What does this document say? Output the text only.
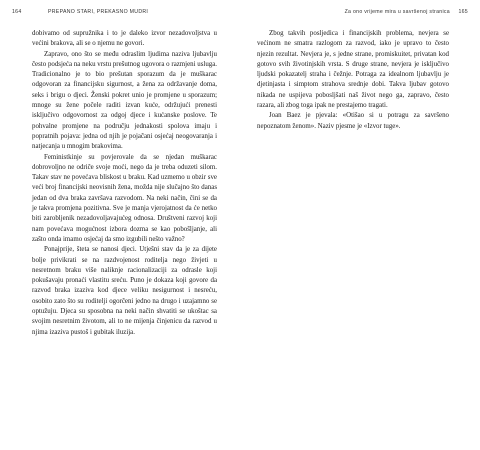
164	PREPANO STARI, PREKASNO MUDRI

dobivamo od supružnika i to je daleko izvor nezadovoljstva u većini brakova, ali se o njemu ne govori.

Zapravo, ono što se među odraslim ljudima naziva ljubavlju često podsjeća na neku vrstu prešutnog ugovora o razmjeni usluga. Tradicionalno je to bio prešutan sporazum da je muškarac odgovoran za financijsku sigurnost, a žena za održavanje doma, seks i brigu o djeci. Ženski pokret unio je promjene u sporazum; mnoge su žene počele raditi izvan kuće, održujući prenesti isključivo odgovornost za odgoj djece i kućanske poslove. Te pohvalne promjene na području jednakosti spolova imaju i popratnih pojava: jedna od njih je pojačani osjećaj neogovaranja i natjecanja u mnogim brakovima.

Feministkinje su povjerovale da se njedan muškarac dobrovoljno ne odriče svoje moći, nego da je treba oduzeti silom. Takav stav ne povećava bliskost u braku. Kad uzmemo u obzir sve veći broj financijski neovisnih žena, možda nije slučajno što danas jedan od dva braka završava razvodom. Na neki način, čini se da je takva promjena pozitivna. Sve je manja vjerojatnost da će netko biti zarobljenik nezadovoljavajućeg odnosa. Društveni razvoj koji nam povećava mogućnost izbora dozma se kao pobošljanje, ali zašto onda imamo osjećaj da smo izgubili nešto važno?

Ponajprije, šteta se nanosi djeci. Utješni stav da je za dijete bolje privikrati se na razdvojenost roditelja nego živjeti u nesretnom braku više naliknje racionalizaciji za odrasle koji pokušavaju pronaći vlastitu sreću. Puno je dokaza koji govore da razvod braka izaziva kod djece veliku nesigurnost i nesreću, osobito zato što su roditelji ogorčeni jedno na drugo i uzajamno se optužuju. Djeca su sposobna na neki način shvatiti se ukoštac sa svojim nesretnim životom, ali to ne mijenja činjenicu da razvod u njima izaziva pustoš i gubitak iluzija.

Za ono vrijeme mira u savršenoj stranica 165

Zbog takvih posljedica i financijskih problema, nevjera se većinom ne smatra razlogom za razvod, iako je upravo to često njezin rezultat. Nevjera je, s jedne strane, promiskuitet, privatan kod gotovo svih životinjskih vrsta. S druge strane, nevjera je isključivo ljudski pokazatelj straha i čežnje. Potraga za idealnom ljubavlju je djetinjasta i simptom strahova srednje dobi. Takva ljubav gotovo nikada ne uspijeva pobosljšati naš život nego ga, zapravo, često razara, ali zbog toga ipak ne prestajemo tragati.

Joan Baez je pjevala: «Otišao si u potragu za savršeno nepoznatom ženom». Naziv pjesme je «Izvor tuge».
